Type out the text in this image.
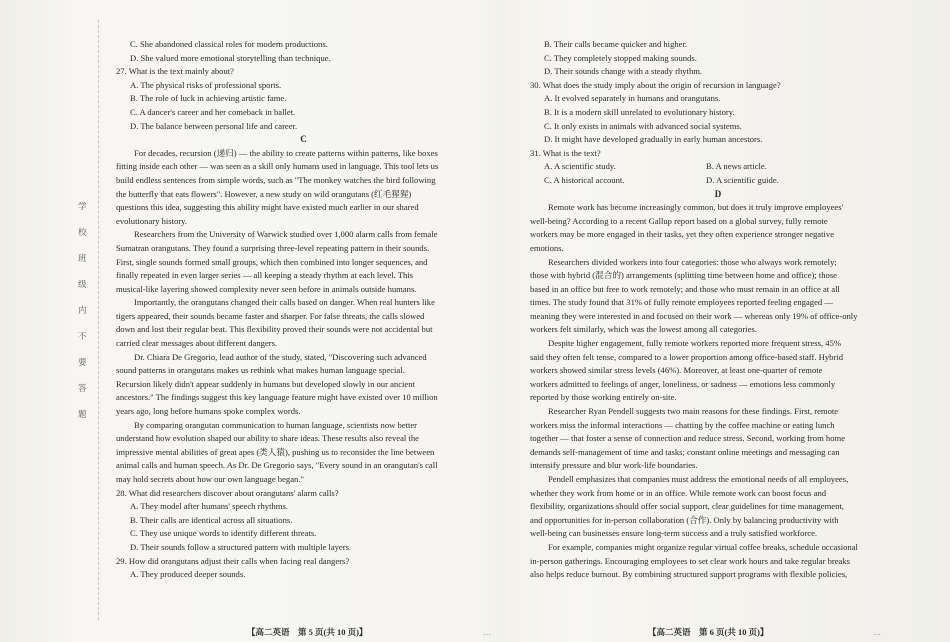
学
校
班
级
内
不
要
答
题
C. She abandoned classical roles for modern productions.
D. She valued more emotional storytelling than technique.
27. What is the text mainly about?
A. The physical risks of professional sports.
B. The role of luck in achieving artistic fame.
C. A dancer's career and her comeback in ballet.
D. The balance between personal life and career.
C
For decades, recursion (递归) — the ability to create patterns within patterns, like boxes
fitting inside each other — was seen as a skill only humans used in language. This tool lets us
build endless sentences from simple words, such as "The monkey watches the bird following
the butterfly that eats flowers". However, a new study on wild orangutans (红毛猩猩)
questions this idea, suggesting this ability might have existed much earlier in our shared
evolutionary history.
Researchers from the University of Warwick studied over 1,000 alarm calls from female
Sumatran orangutans. They found a surprising three-level repeating pattern in their sounds.
First, single sounds formed small groups, which then combined into longer sequences, and
finally repeated in even larger series — all keeping a steady rhythm at each level. This
musical-like layering showed complexity never seen before in animals outside humans.
Importantly, the orangutans changed their calls based on danger. When real hunters like
tigers appeared, their sounds became faster and sharper. For false threats, the calls slowed
down and lost their regular beat. This flexibility proved their sounds were not accidental but
carried clear messages about different dangers.
Dr. Chiara De Gregorio, lead author of the study, stated, "Discovering such advanced
sound patterns in orangutans makes us rethink what makes human language special.
Recursion likely didn't appear suddenly in humans but developed slowly in our ancient
ancestors." The findings suggest this key language feature might have existed over 10 million
years ago, long before humans spoke complex words.
By comparing orangutan communication to human language, scientists now better
understand how evolution shaped our ability to share ideas. These results also reveal the
impressive mental abilities of great apes (类人猿), pushing us to reconsider the line between
animal calls and human speech. As Dr. De Gregorio says, "Every sound in an orangutan's call
may hold secrets about how our own language began."
28. What did researchers discover about orangutans' alarm calls?
A. They model after humans' speech rhythms.
B. Their calls are identical across all situations.
C. They use unique words to identify different threats.
D. Their sounds follow a structured pattern with multiple layers.
29. How did orangutans adjust their calls when facing real dangers?
A. They produced deeper sounds.
B. Their calls became quicker and higher.
C. They completely stopped making sounds.
D. Their sounds change with a steady rhythm.
30. What does the study imply about the origin of recursion in language?
A. It evolved separately in humans and orangutans.
B. It is a modern skill unrelated to evolutionary history.
C. It only exists in animals with advanced social systems.
D. It might have developed gradually in early human ancestors.
31. What is the text?
A. A scientific study.	B. A news article.
C. A historical account.	D. A scientific guide.
D
Remote work has become increasingly common, but does it truly improve employees'
well-being? According to a recent Gallup report based on a global survey, fully remote
workers may be more engaged in their tasks, yet they often experience stronger negative
emotions.
Researchers divided workers into four categories: those who always work remotely;
those with hybrid (混合的) arrangements (splitting time between home and office); those
based in an office but free to work remotely; and those who must remain in an office at all
times. The study found that 31% of fully remote employees reported feeling engaged —
meaning they were interested in and focused on their work — whereas only 19% of office-only
workers felt similarly, which was the lowest among all categories.
Despite higher engagement, fully remote workers reported more frequent stress, 45%
said they often felt tense, compared to a lower proportion among office-based staff. Hybrid
workers showed similar stress levels (46%). Moreover, at least one-quarter of remote
workers admitted to feelings of anger, loneliness, or sadness — emotions less commonly
reported by those working entirely on-site.
Researcher Ryan Pendell suggests two main reasons for these findings. First, remote
workers miss the informal interactions — chatting by the coffee machine or eating lunch
together — that foster a sense of connection and reduce stress. Second, working from home
demands self-management of time and tasks; constant online meetings and messaging can
intensify pressure and blur work-life boundaries.
Pendell emphasizes that companies must address the emotional needs of all employees,
whether they work from home or in an office. While remote work can boost focus and
flexibility, organizations should offer social support, clear guidelines for time management,
and opportunities for in-person collaboration (合作). Only by balancing productivity with
well-being can businesses ensure long-term success and a truly satisfied workforce.
For example, companies might organize regular virtual coffee breaks, schedule occasional
in-person gatherings. Encouraging employees to set clear work hours and take regular breaks
also helps reduce burnout. By combining structured support programs with flexible policies,
【高二英语　第 5 页(共 10 页)】	…	【高二英语　第 6 页(共 10 页)】	…
